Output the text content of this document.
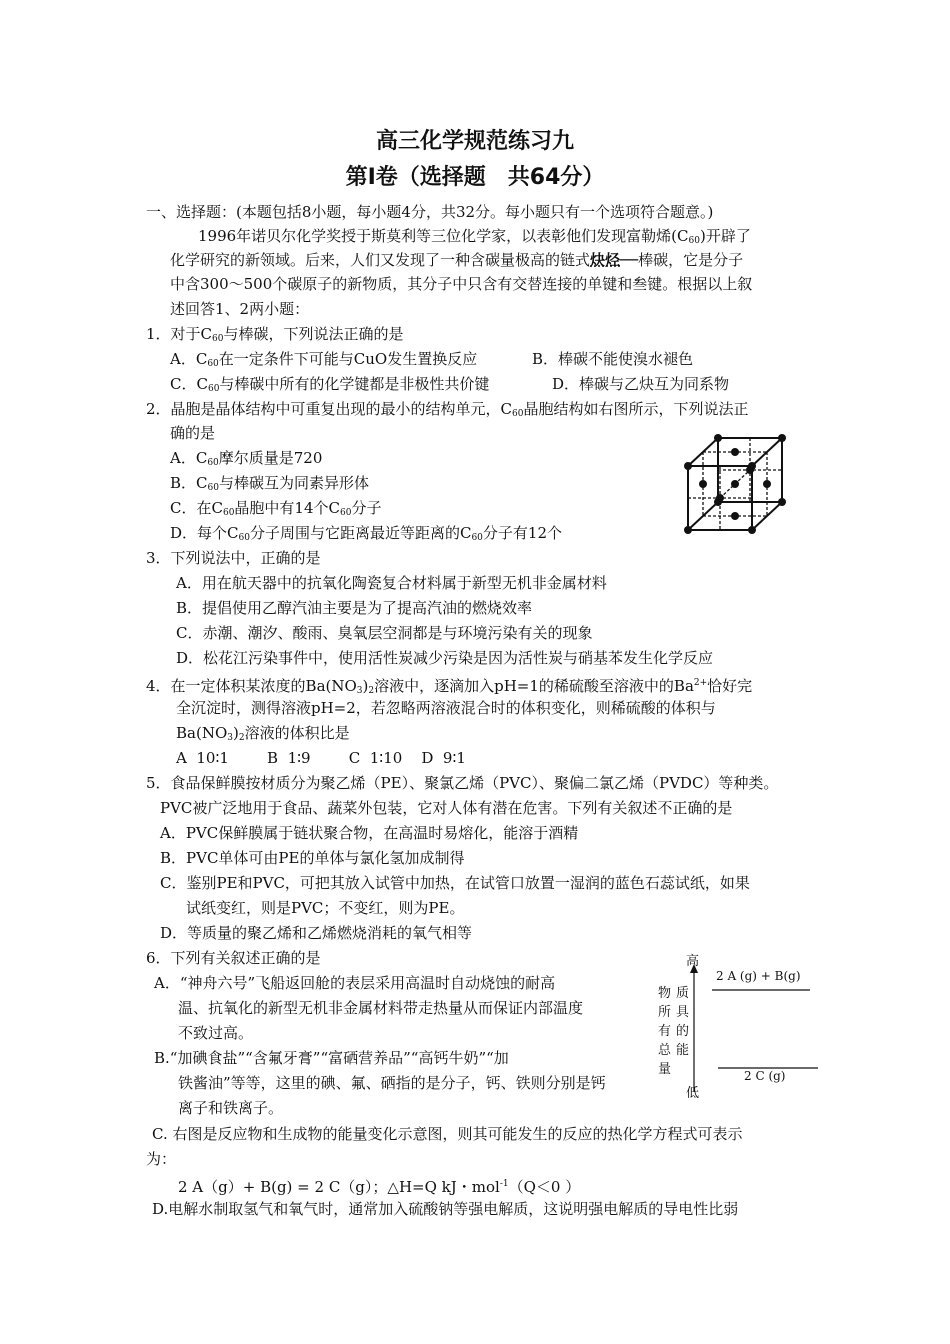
高三化学规范练习九
第Ⅰ卷（选择题　共64分）
一、选择题：(本题包括8小题，每小题4分，共32分。每小题只有一个选项符合题意。)
1996年诺贝尔化学奖授于斯莫利等三位化学家，以表彰他们发现富勒烯$(C_{60})$开辟了
化学研究的新领域。后来，人们又发现了一种含碳量极高的链式炔烃──棒碳，它是分子
中含300～500个碳原子的新物质，其分子中只含有交替连接的单键和叁键。根据以上叙
述回答1、2两小题：
1．对于$C_{60}$与棒碳，下列说法正确的是
A．$C_{60}$在一定条件下可能与CuO发生置换反应	B．棒碳不能使溴水褪色
C．$C_{60}$与棒碳中所有的化学键都是非极性共价键	D．棒碳与乙炔互为同系物
2．晶胞是晶体结构中可重复出现的最小的结构单元，$C_{60}$晶胞结构如右图所示，下列说法正
确的是
A．$C_{60}$摩尔质量是720
B．$C_{60}$与棒碳互为同素异形体
C．在$C_{60}$晶胞中有14个$C_{60}$分子
D．每个$C_{60}$分子周围与它距离最近等距离的$C_{60}$分子有12个
3．下列说法中，正确的是
A．用在航天器中的抗氧化陶瓷复合材料属于新型无机非金属材料
B．提倡使用乙醇汽油主要是为了提高汽油的燃烧效率
C．赤潮、潮汐、酸雨、臭氧层空洞都是与环境污染有关的现象
D．松花江污染事件中，使用活性炭减少污染是因为活性炭与硝基苯发生化学反应
4．在一定体积某浓度的$Ba(NO_3)_2$溶液中，逐滴加入pH=1的稀硫酸至溶液中的$Ba^{2+}$恰好完
全沉淀时，测得溶液pH=2，若忽略两溶液混合时的体积变化，则稀硫酸的体积与
$Ba(NO_3)_2$溶液的体积比是
A  10∶1        B  1∶9        C  1∶10    D  9∶1
5．食品保鲜膜按材质分为聚乙烯（PE）、聚氯乙烯（PVC）、聚偏二氯乙烯（PVDC）等种类。
PVC被广泛地用于食品、蔬菜外包装，它对人体有潜在危害。下列有关叙述不正确的是
A．PVC保鲜膜属于链状聚合物，在高温时易熔化，能溶于酒精
B．PVC单体可由PE的单体与氯化氢加成制得
C．鉴别PE和PVC，可把其放入试管中加热，在试管口放置一湿润的蓝色石蕊试纸，如果
试纸变红，则是PVC；不变红，则为PE。
D．等质量的聚乙烯和乙烯燃烧消耗的氧气相等
6．下列有关叙述正确的是
A．“神舟六号”飞船返回舱的表层采用高温时自动烧蚀的耐高
温、抗氧化的新型无机非金属材料带走热量从而保证内部温度
不致过高。
B.“加碘食盐”“含氟牙膏”“富硒营养品”“高钙牛奶”“加
铁酱油”等等，这里的碘、氟、硒指的是分子，钙、铁则分别是钙
离子和铁离子。
C. 右图是反应物和生成物的能量变化示意图，则其可能发生的反应的热化学方程式可表示
为：
2 A（g）+ B(g) = 2 C（g）；△H=Q kJ・mol$^{-1}$（Q＜0 ）
D.电解水制取氢气和氧气时，通常加入硫酸钠等强电解质，这说明强电解质的导电性比弱
高
低
物所有总量
质具的能
2 A (g) + B(g)
2 C (g)
